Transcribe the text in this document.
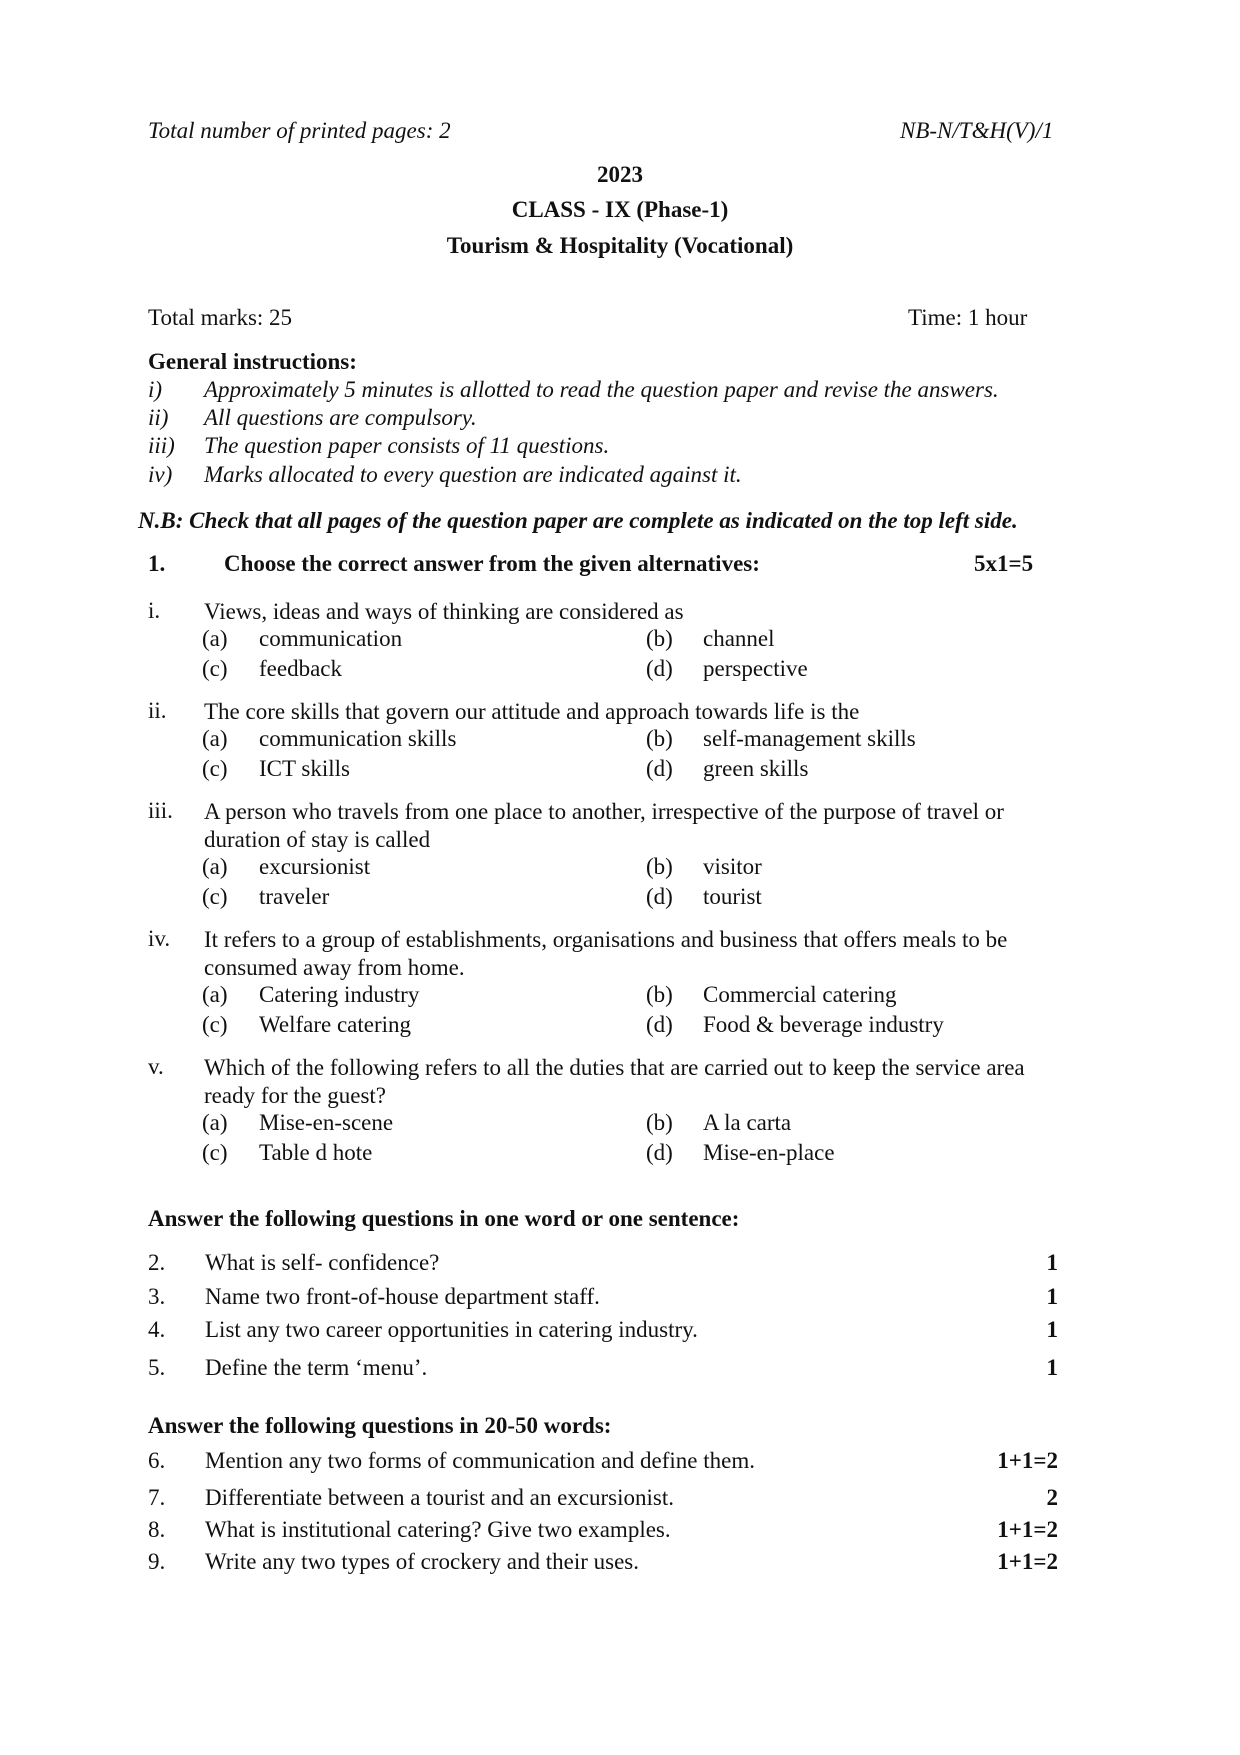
Total number of printed pages: 2	NB-N/T&H(V)/1
2023
CLASS - IX (Phase-1)
Tourism & Hospitality (Vocational)
Total marks: 25	Time: 1 hour
General instructions:
i) Approximately 5 minutes is allotted to read the question paper and revise the answers.
ii) All questions are compulsory.
iii) The question paper consists of 11 questions.
iv) Marks allocated to every question are indicated against it.
N.B: Check that all pages of the question paper are complete as indicated on the top left side.
1.	Choose the correct answer from the given alternatives:	5x1=5
i. Views, ideas and ways of thinking are considered as
(a) communication	(b) channel
(c) feedback	(d) perspective
ii. The core skills that govern our attitude and approach towards life is the
(a) communication skills	(b) self-management skills
(c) ICT skills	(d) green skills
iii. A person who travels from one place to another, irrespective of the purpose of travel or duration of stay is called
(a) excursionist	(b) visitor
(c) traveler	(d) tourist
iv. It refers to a group of establishments, organisations and business that offers meals to be consumed away from home.
(a) Catering industry	(b) Commercial catering
(c) Welfare catering	(d) Food & beverage industry
v. Which of the following refers to all the duties that are carried out to keep the service area ready for the guest?
(a) Mise-en-scene	(b) A la carta
(c) Table d hote	(d) Mise-en-place
Answer the following questions in one word or one sentence:
2. What is self- confidence?	1
3. Name two front-of-house department staff.	1
4. List any two career opportunities in catering industry.	1
5. Define the term ‘menu’.	1
Answer the following questions in 20-50 words:
6. Mention any two forms of communication and define them.	1+1=2
7. Differentiate between a tourist and an excursionist.	2
8. What is institutional catering? Give two examples.	1+1=2
9. Write any two types of crockery and their uses.	1+1=2
